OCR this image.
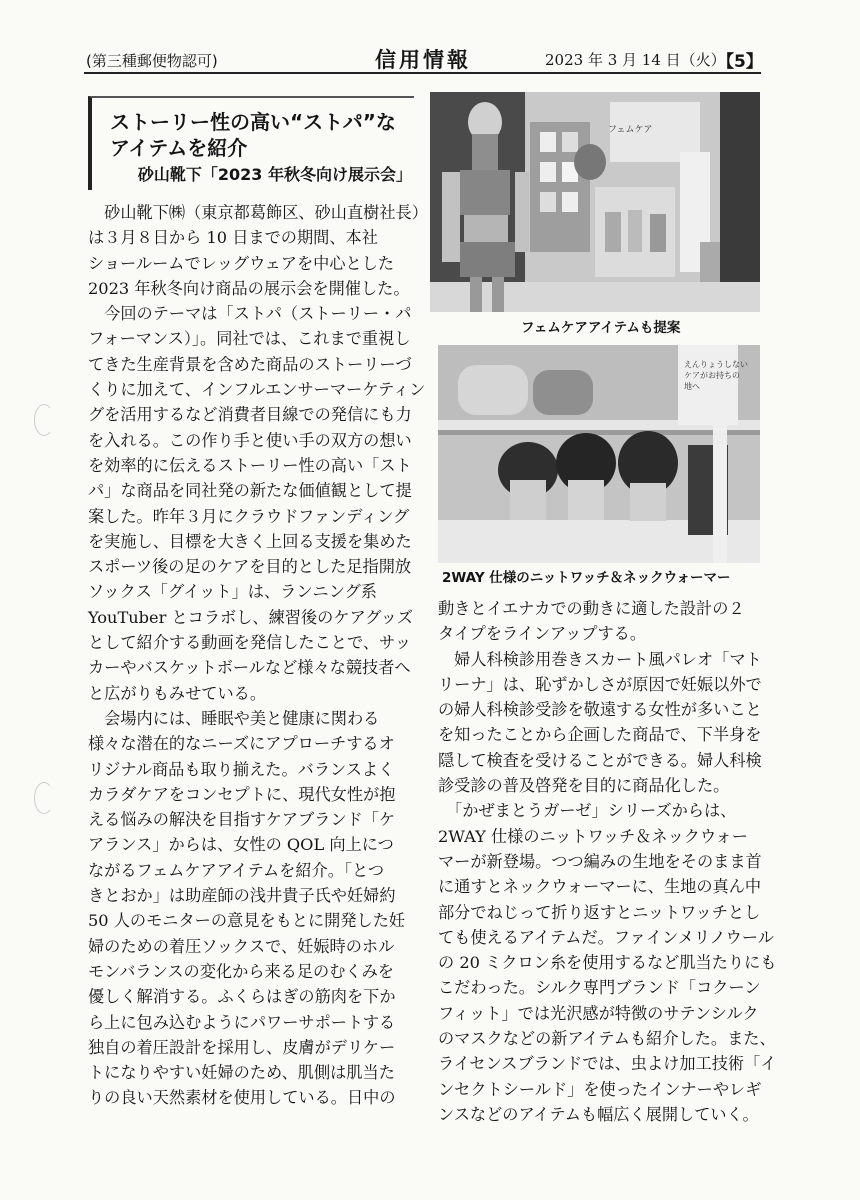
(第三種郵便物認可)	信用情報	2023 年 3 月 14 日（火）
【5】
ストーリー性の高い“ストパ”な
アイテムを紹介
砂山靴下「2023 年秋冬向け展示会」
　砂山靴下㈱（東京都葛飾区、砂山直樹社長）
は３月８日から 10 日までの期間、本社
ショールームでレッグウェアを中心とした
2023 年秋冬向け商品の展示会を開催した。
　今回のテーマは「ストパ（ストーリー・パ
フォーマンス）」。同社では、これまで重視し
てきた生産背景を含めた商品のストーリーづ
くりに加えて、インフルエンサーマーケティン
グを活用するなど消費者目線での発信にも力
を入れる。この作り手と使い手の双方の想い
を効率的に伝えるストーリー性の高い「スト
パ」な商品を同社発の新たな価値観として提
案した。昨年３月にクラウドファンディング
を実施し、目標を大きく上回る支援を集めた
スポーツ後の足のケアを目的とした足指開放
ソックス「グイット」は、ランニング系
YouTuber とコラボし、練習後のケアグッズ
として紹介する動画を発信したことで、サッ
カーやバスケットボールなど様々な競技者へ
と広がりもみせている。
　会場内には、睡眠や美と健康に関わる
様々な潜在的なニーズにアプローチするオ
リジナル商品も取り揃えた。バランスよく
カラダケアをコンセプトに、現代女性が抱
える悩みの解決を目指すケアブランド「ケ
アランス」からは、女性の QOL 向上につ
ながるフェムケアアイテムを紹介。「とつ
きとおか」は助産師の浅井貴子氏や妊婦約
50 人のモニターの意見をもとに開発した妊
婦のための着圧ソックスで、妊娠時のホル
モンバランスの変化から来る足のむくみを
優しく解消する。ふくらはぎの筋肉を下か
ら上に包み込むようにパワーサポートする
独自の着圧設計を採用し、皮膚がデリケー
トになりやすい妊婦のため、肌側は肌当た
りの良い天然素材を使用している。日中の
動きとイエナカでの動きに適した設計の２
タイプをラインアップする。
　婦人科検診用巻きスカート風パレオ「マト
リーナ」は、恥ずかしさが原因で妊娠以外で
の婦人科検診受診を敬遠する女性が多いこと
を知ったことから企画した商品で、下半身を
隠して検査を受けることができる。婦人科検
診受診の普及啓発を目的に商品化した。
　「かぜまとうガーゼ」シリーズからは、
2WAY 仕様のニットワッチ＆ネックウォー
マーが新登場。つつ編みの生地をそのまま首
に通すとネックウォーマーに、生地の真ん中
部分でねじって折り返すとニットワッチとし
ても使えるアイテムだ。ファインメリノウール
の 20 ミクロン糸を使用するなど肌当たりにも
こだわった。シルク専門ブランド「コクーン
フィット」では光沢感が特徴のサテンシルク
のマスクなどの新アイテムも紹介した。また、
ライセンスブランドでは、虫よけ加工技術「イ
ンセクトシールド」を使ったインナーやレギ
ンスなどのアイテムも幅広く展開していく。
フェムケア
フェムケアアイテムも提案
えんりょうしないケアがお持ちの地へ
2WAY 仕様のニットワッチ＆ネックウォーマー
